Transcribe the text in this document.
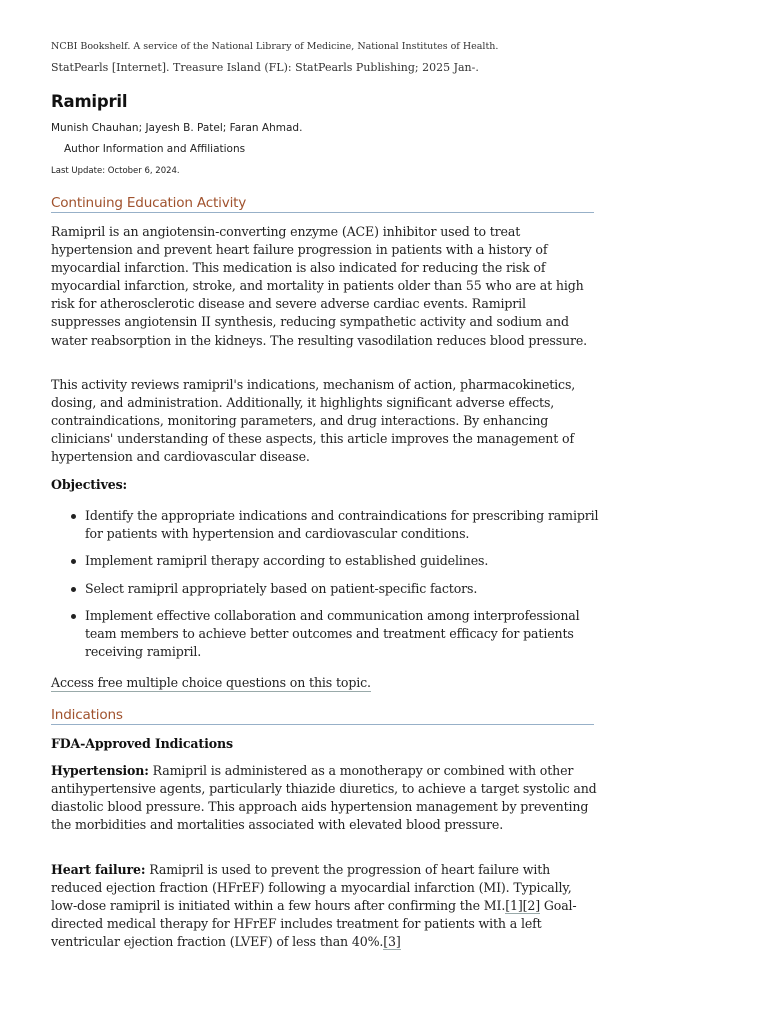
NCBI Bookshelf. A service of the National Library of Medicine, National Institutes of Health.
StatPearls [Internet]. Treasure Island (FL): StatPearls Publishing; 2025 Jan-.
Ramipril
Munish Chauhan; Jayesh B. Patel; Faran Ahmad.
Author Information and Affiliations
Last Update: October 6, 2024.
Continuing Education Activity

Ramipril is an angiotensin-converting enzyme (ACE) inhibitor used to treat hypertension and prevent heart failure progression in patients with a history of myocardial infarction. This medication is also indicated for reducing the risk of myocardial infarction, stroke, and mortality in patients older than 55 who are at high risk for atherosclerotic disease and severe adverse cardiac events. Ramipril suppresses angiotensin II synthesis, reducing sympathetic activity and sodium and water reabsorption in the kidneys. The resulting vasodilation reduces blood pressure.

This activity reviews ramipril's indications, mechanism of action, pharmacokinetics, dosing, and administration. Additionally, it highlights significant adverse effects, contraindications, monitoring parameters, and drug interactions. By enhancing clinicians' understanding of these aspects, this article improves the management of hypertension and cardiovascular disease.

Objectives:

Identify the appropriate indications and contraindications for prescribing ramipril for patients with hypertension and cardiovascular conditions.
Implement ramipril therapy according to established guidelines.
Select ramipril appropriately based on patient-specific factors.
Implement effective collaboration and communication among interprofessional team members to achieve better outcomes and treatment efficacy for patients receiving ramipril.
Access free multiple choice questions on this topic.
Indications

FDA-Approved Indications

Hypertension: Ramipril is administered as a monotherapy or combined with other antihypertensive agents, particularly thiazide diuretics, to achieve a target systolic and diastolic blood pressure. This approach aids hypertension management by preventing the morbidities and mortalities associated with elevated blood pressure.

Heart failure: Ramipril is used to prevent the progression of heart failure with reduced ejection fraction (HFrEF) following a myocardial infarction (MI). Typically, low-dose ramipril is initiated within a few hours after confirming the MI.[1][2] Goal-directed medical therapy for HFrEF includes treatment for patients with a left ventricular ejection fraction (LVEF) of less than 40%.[3]
